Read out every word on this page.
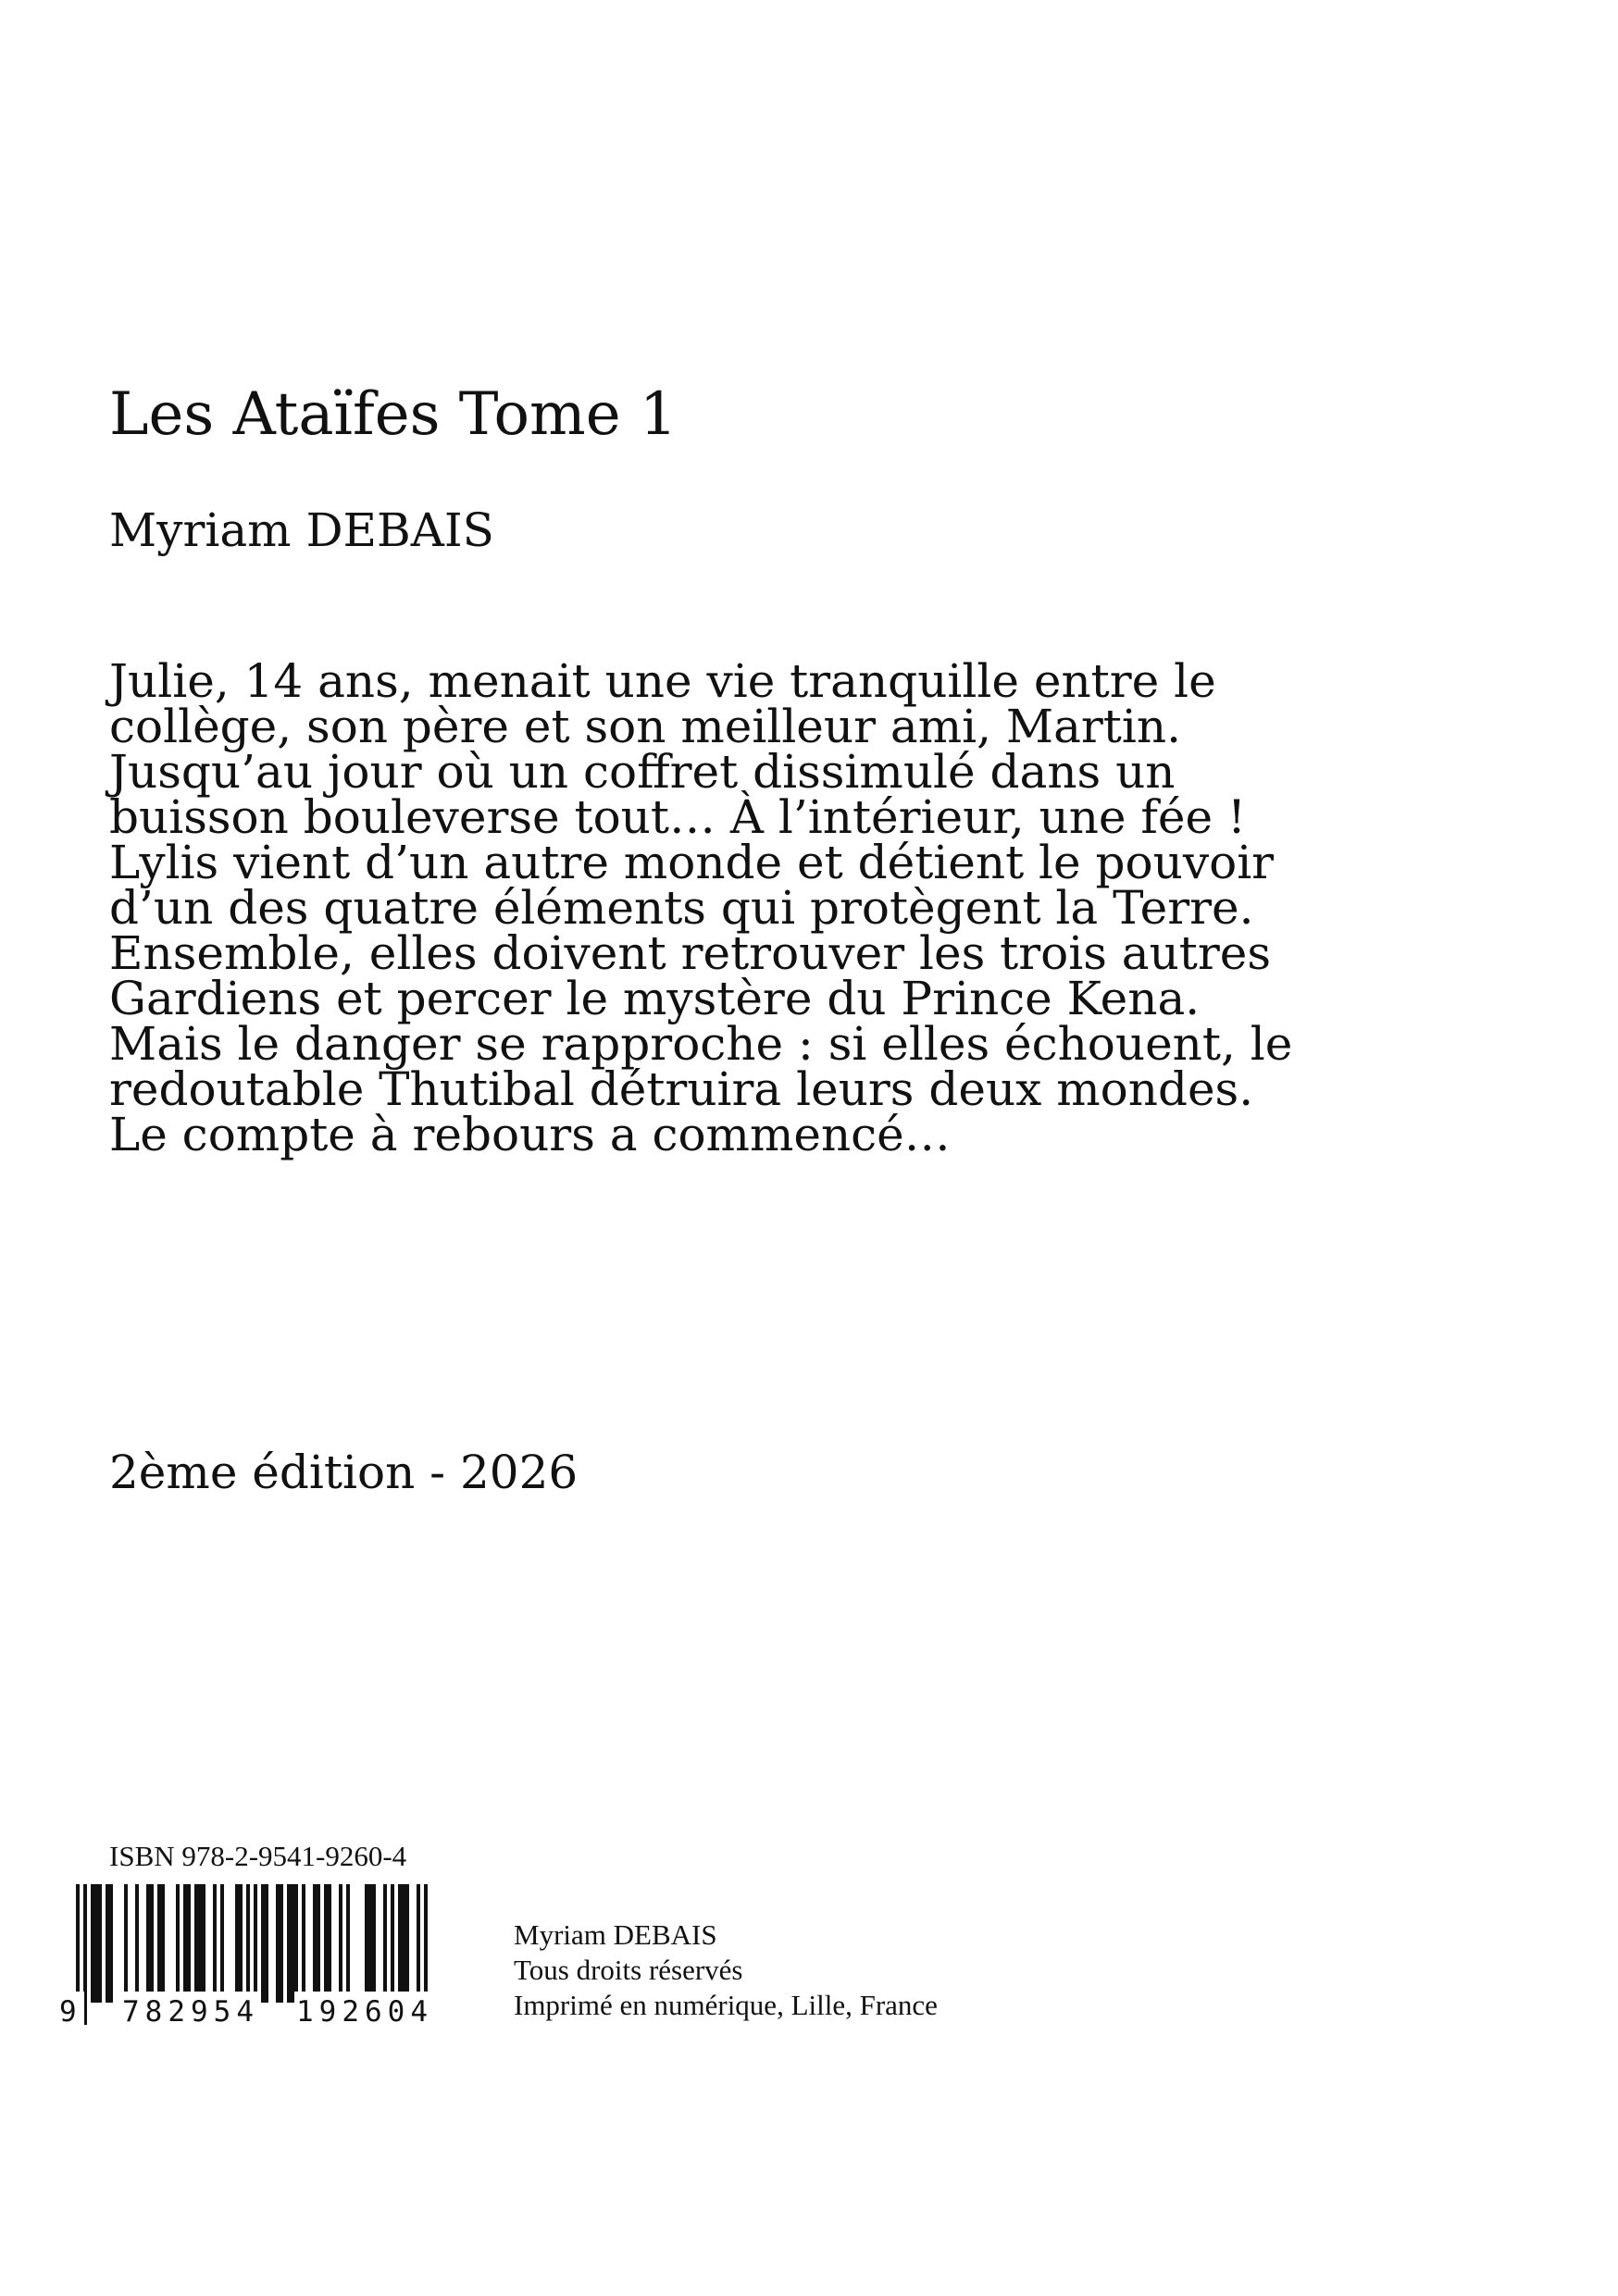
Les Ataïfes Tome 1
Myriam DEBAIS

Julie, 14 ans, menait une vie tranquille entre le collège, son père et son meilleur ami, Martin. Jusqu’au jour où un coffret dissimulé dans un buisson bouleverse tout… À l’intérieur, une fée !

Lylis vient d’un autre monde et détient le pouvoir d’un des quatre éléments qui protègent la Terre.

Ensemble, elles doivent retrouver les trois autres Gardiens et percer le mystère du Prince Kena.

Mais le danger se rapproche : si elles échouent, le redoutable Thutibal détruira leurs deux mondes.

Le compte à rebours a commencé…

2ème édition - 2026
ISBN 978-2-9541-9260-4
9 782954 192604
Myriam DEBAIS
Tous droits réservés
Imprimé en numérique, Lille, France
